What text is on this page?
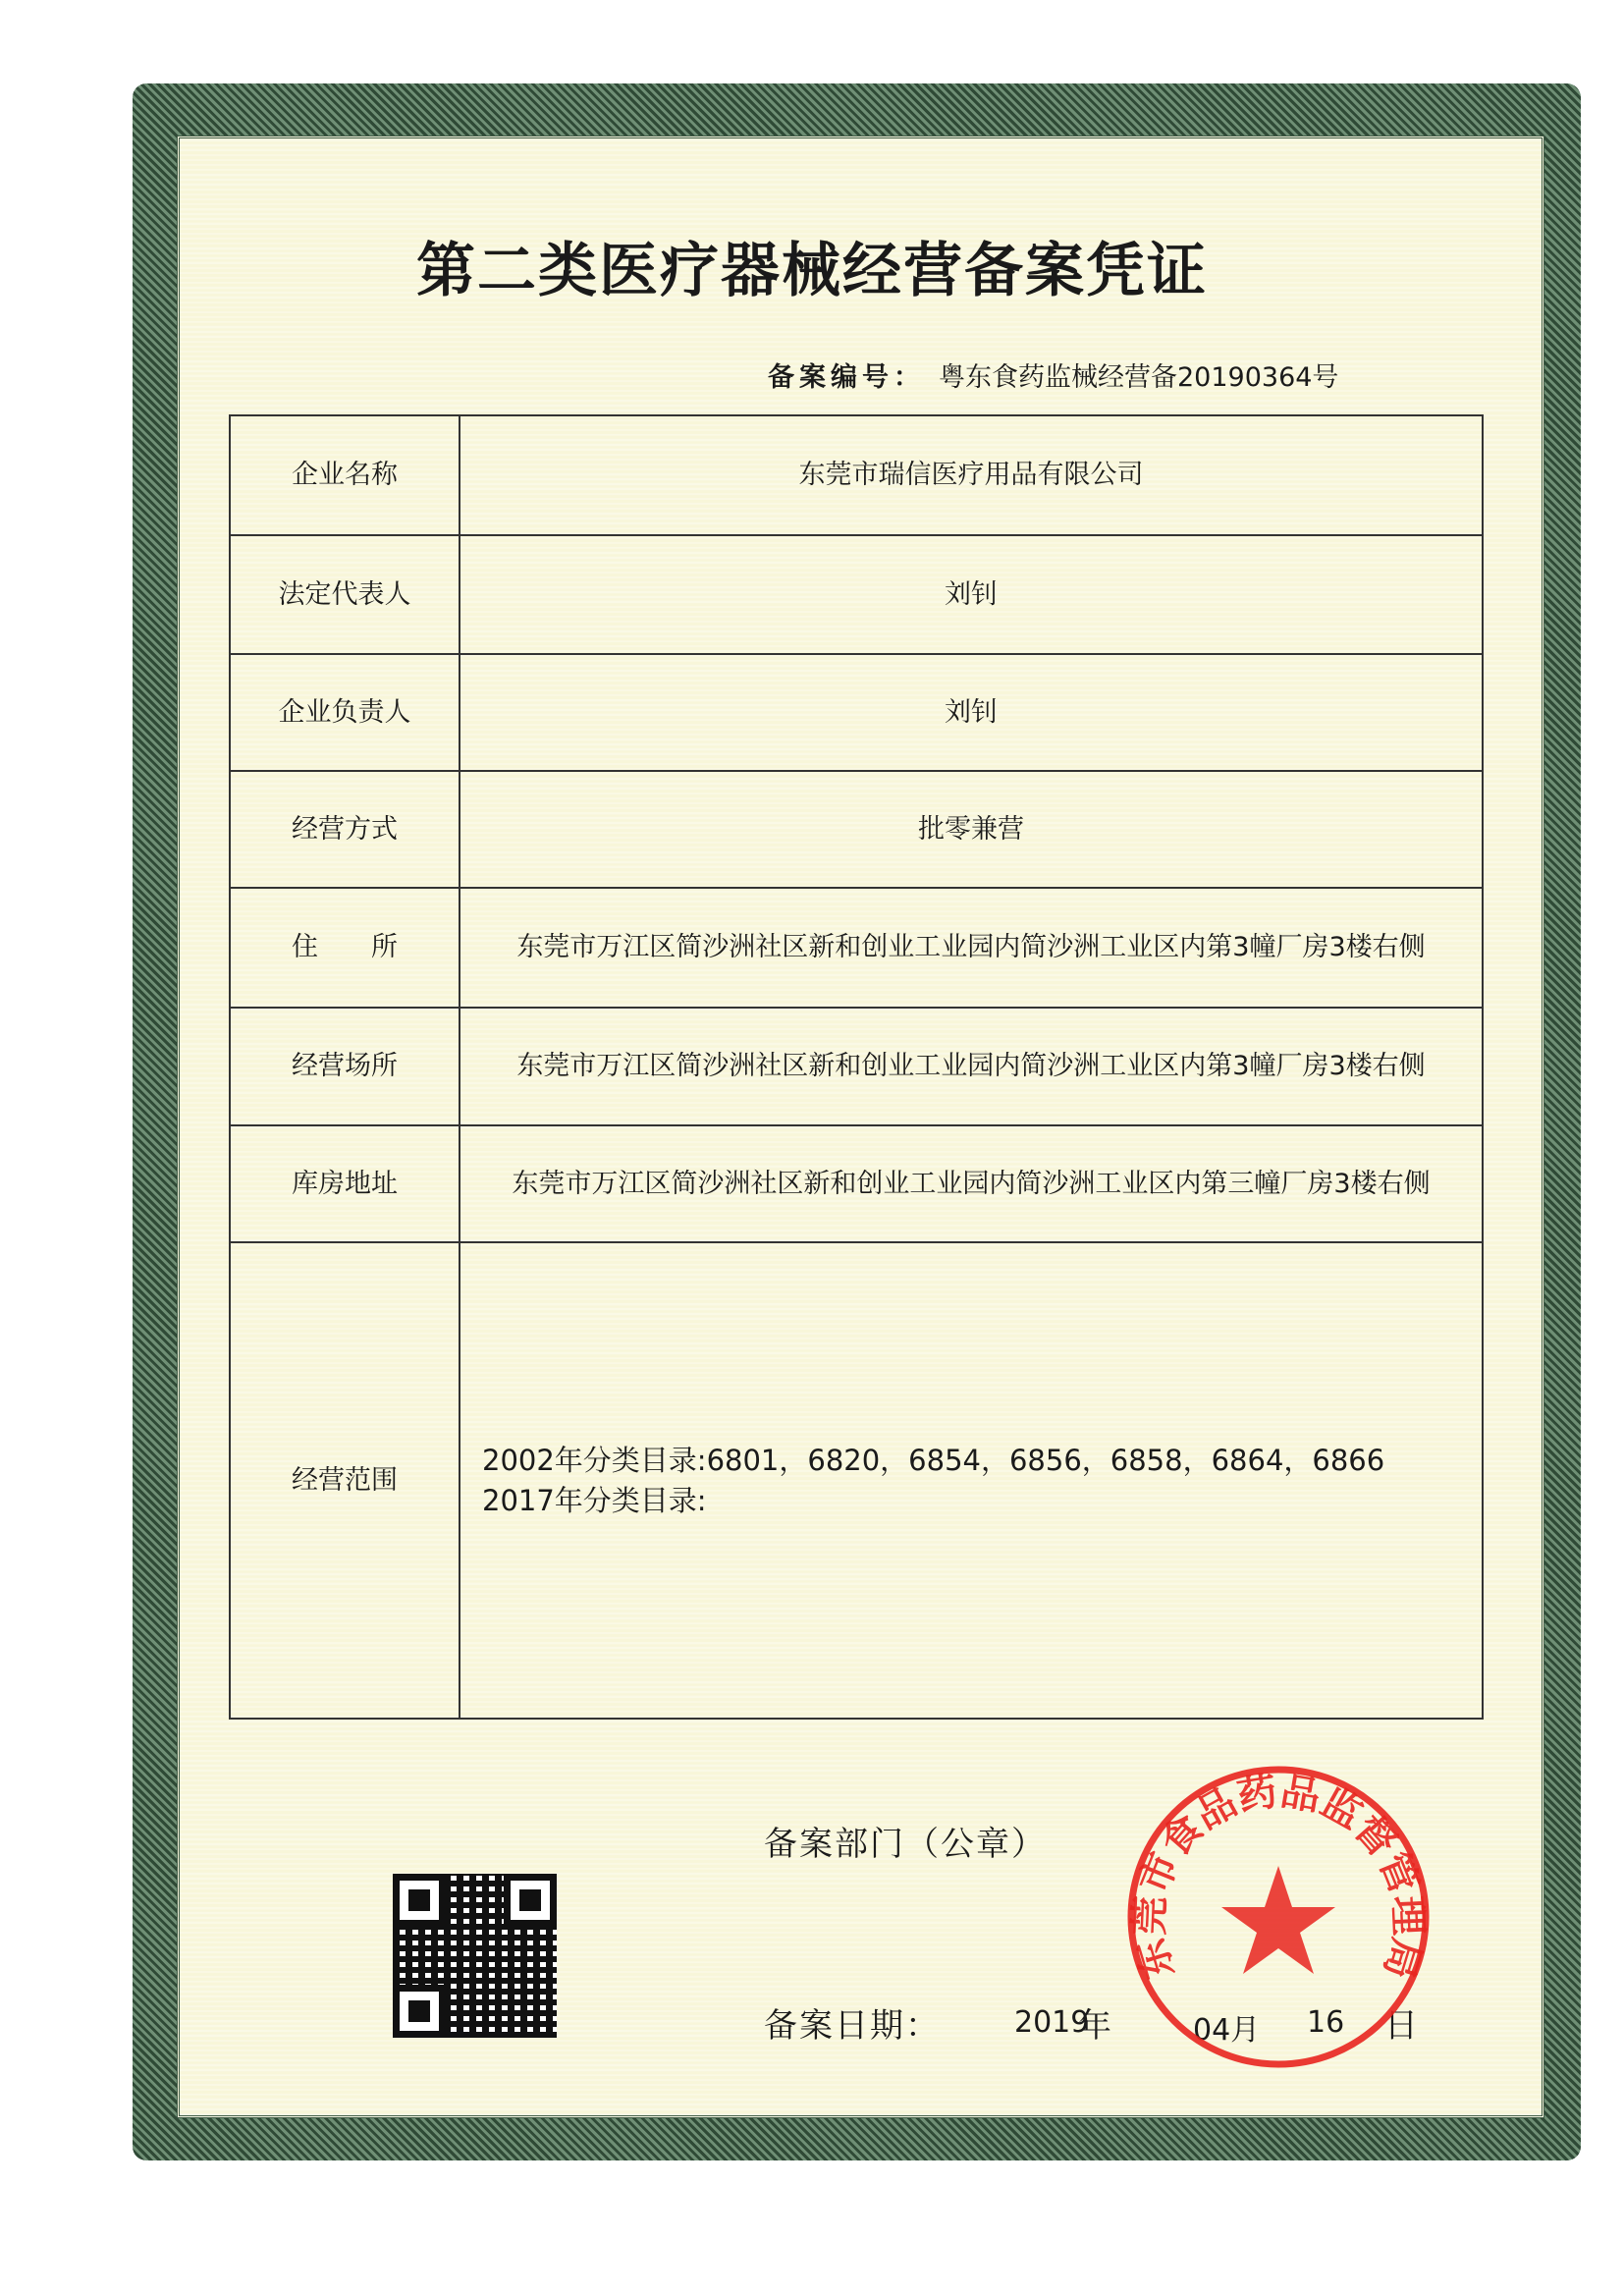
第二类医疗器械经营备案凭证
备案编号： 粤东食药监械经营备20190364号
企业名称	东莞市瑞信医疗用品有限公司
法定代表人	刘钊
企业负责人	刘钊
经营方式	批零兼营
住　　所	东莞市万江区简沙洲社区新和创业工业园内简沙洲工业区内第3幢厂房3楼右侧
经营场所	东莞市万江区简沙洲社区新和创业工业园内简沙洲工业区内第3幢厂房3楼右侧
库房地址	东莞市万江区简沙洲社区新和创业工业园内简沙洲工业区内第三幢厂房3楼右侧
经营范围	2002年分类目录:6801，6820，6854，6856，6858，6864，6866
2017年分类目录:
备案部门（公章）
备案日期：	2019
年	04月 16 日
东莞市食品药品监督管理局
